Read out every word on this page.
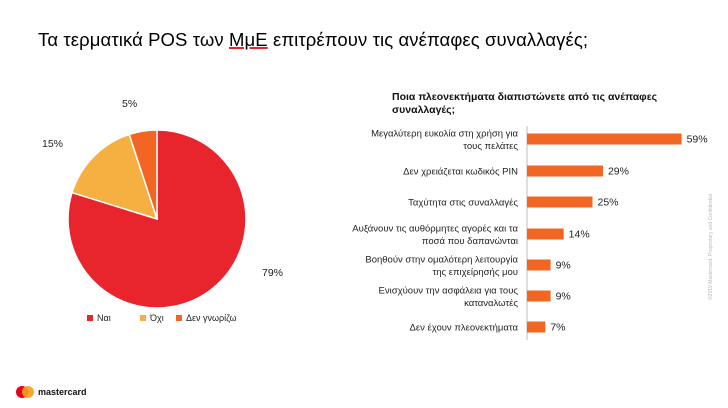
Τα τερματικά POS των ΜμΕ επιτρέπουν τις ανέπαφες συναλλαγές;
Ποια πλεονεκτήματα διαπιστώνετε από τις ανέπαφες συναλλαγές;
79%
15%
5%
Ναι	Όχι Δεν γνωρίζω
59%
Μεγαλύτερη ευκολία στη χρήση για
τους πελάτες
29%
Δεν χρειάζεται κωδικός PIN
25%
Ταχύτητα στις συναλλαγές
14%
Αυξάνουν τις αυθόρμητες αγορές και τα
ποσά που δαπανώνται
9%
Βοηθούν στην ομαλότερη λειτουργία
της επιχείρησής μου
9%
Ενισχύουν την ασφάλεια για τους
καταναλωτές
7%
Δεν έχουν πλεονεκτήματα
©2019 Mastercard. Proprietary and Confidential
mastercard
